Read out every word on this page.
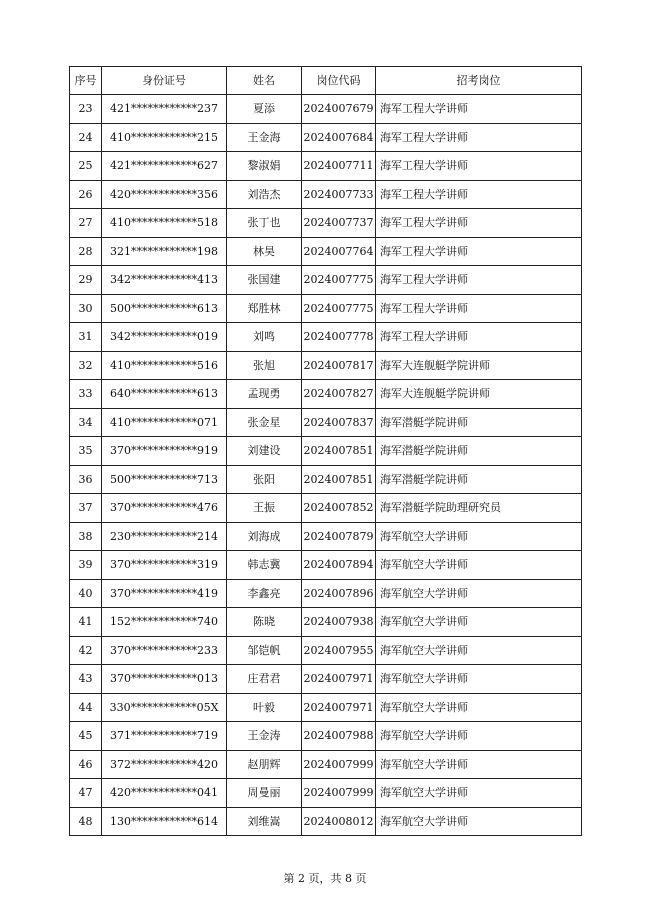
序号	身份证号	姓名	岗位代码	招考岗位
23	421************237	夏添	2024007679	海军工程大学讲师
24	410************215	王金海	2024007684	海军工程大学讲师
25	421************627	黎淑娟	2024007711	海军工程大学讲师
26	420************356	刘浩杰	2024007733	海军工程大学讲师
27	410************518	张丁也	2024007737	海军工程大学讲师
28	321************198	林昊	2024007764	海军工程大学讲师
29	342************413	张国建	2024007775	海军工程大学讲师
30	500************613	郑胜林	2024007775	海军工程大学讲师
31	342************019	刘鸣	2024007778	海军工程大学讲师
32	410************516	张旭	2024007817	海军大连舰艇学院讲师
33	640************613	孟现勇	2024007827	海军大连舰艇学院讲师
34	410************071	张金星	2024007837	海军潜艇学院讲师
35	370************919	刘建设	2024007851	海军潜艇学院讲师
36	500************713	张阳	2024007851	海军潜艇学院讲师
37	370************476	王振	2024007852	海军潜艇学院助理研究员
38	230************214	刘海成	2024007879	海军航空大学讲师
39	370************319	韩志冀	2024007894	海军航空大学讲师
40	370************419	李鑫亮	2024007896	海军航空大学讲师
41	152************740	陈晓	2024007938	海军航空大学讲师
42	370************233	邹铠帆	2024007955	海军航空大学讲师
43	370************013	庄君君	2024007971	海军航空大学讲师
44	330************05X	叶毅	2024007971	海军航空大学讲师
45	371************719	王金涛	2024007988	海军航空大学讲师
46	372************420	赵朋辉	2024007999	海军航空大学讲师
47	420************041	周曼丽	2024007999	海军航空大学讲师
48	130************614	刘维嵩	2024008012	海军航空大学讲师
第 2 页，共 8 页
